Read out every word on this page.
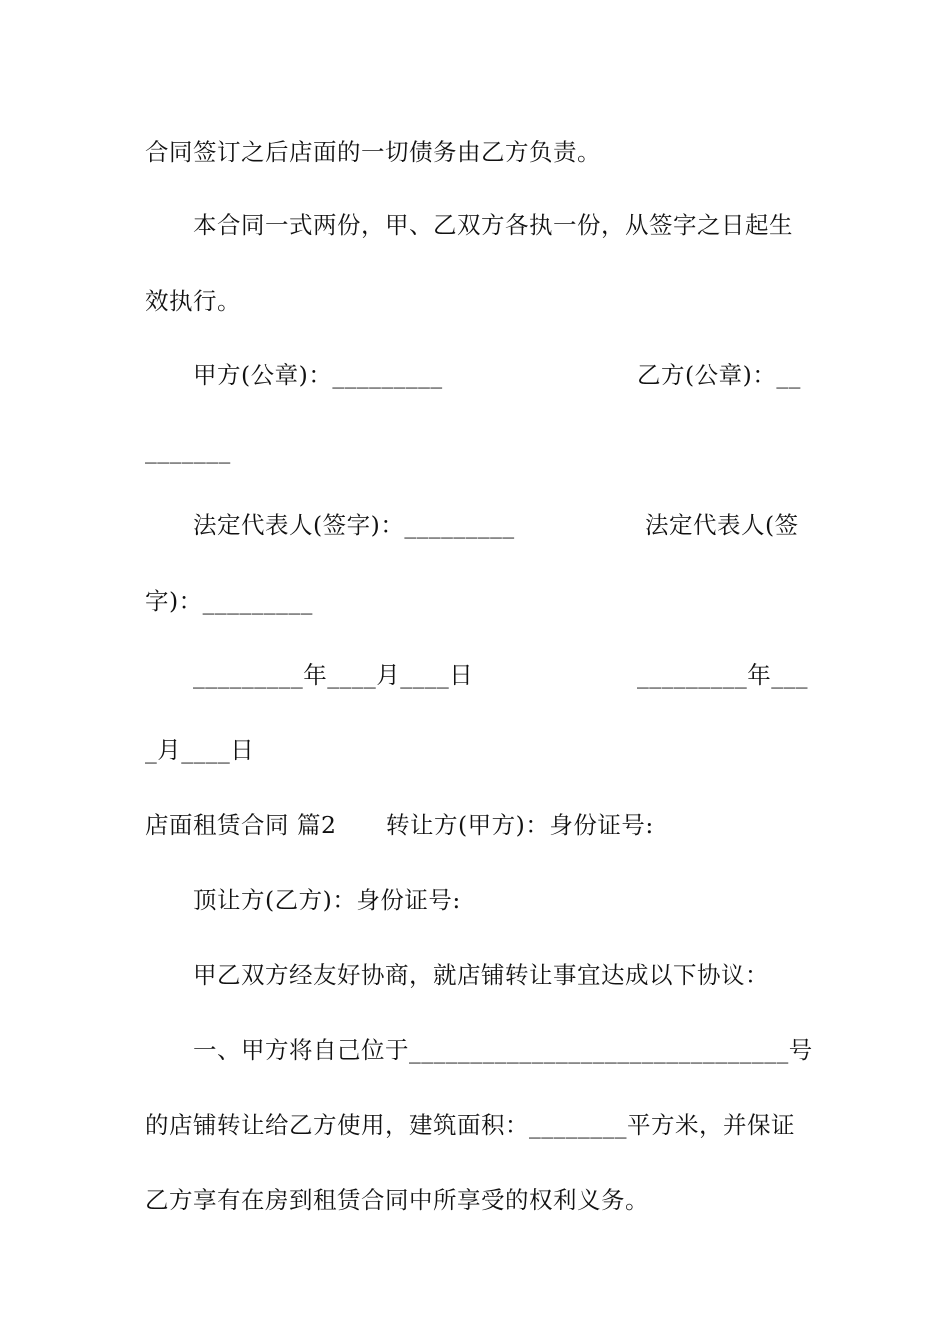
合同签订之后店面的一切债务由乙方负责。
本合同一式两份，甲、乙双方各执一份，从签字之日起生
效执行。
甲方(公章)：_________	乙方(公章)：__
_______
法定代表人(签字)：_________	法定代表人(签
字)：_________
_________年____月____日	_________年___
_月____日
店面租赁合同 篇2 转让方(甲方)：身份证号:
顶让方(乙方)：身份证号:
甲乙双方经友好协商，就店铺转让事宜达成以下协议：
一、甲方将自己位于_______________________________号
的店铺转让给乙方使用，建筑面积：________平方米，并保证
乙方享有在房到租赁合同中所享受的权利义务。
